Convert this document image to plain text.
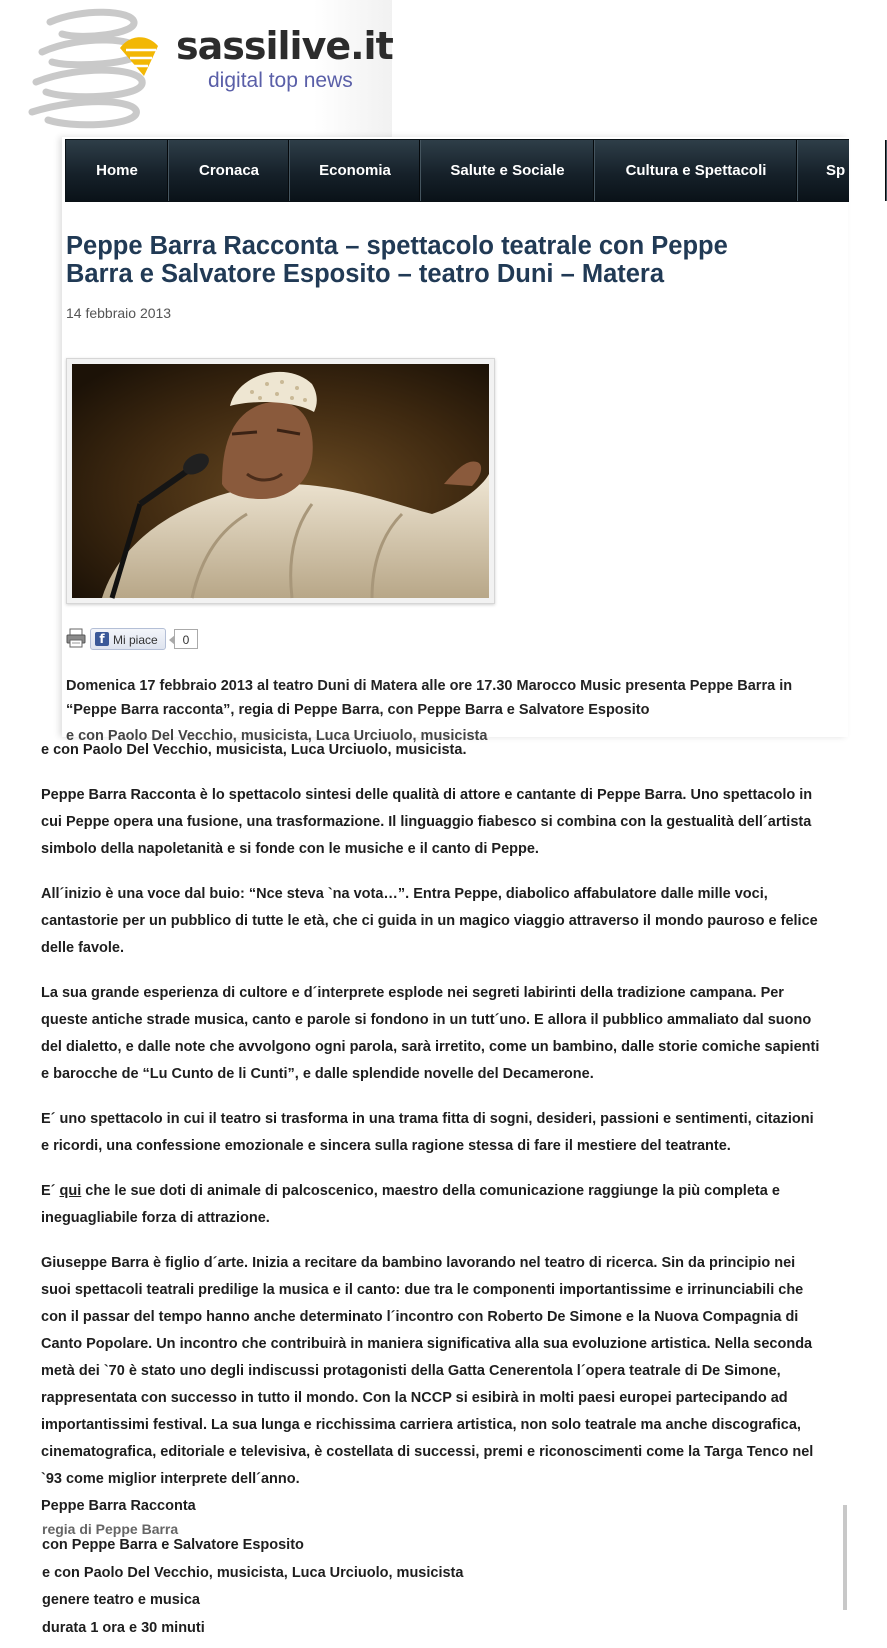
sassilive.it
digital top news
Home	Cronaca	Economia	Salute e Sociale	Cultura e Spettacoli	Sp
Peppe Barra Racconta – spettacolo teatrale con Peppe Barra e Salvatore Esposito – teatro Duni – Matera
14 febbraio 2013
f Mi piace	0

Domenica 17 febbraio 2013 al teatro Duni di Matera alle ore 17.30 Marocco Music presenta Peppe Barra in

“Peppe Barra racconta”, regia di Peppe Barra, con Peppe Barra e Salvatore Esposito

e con Paolo Del Vecchio, musicista, Luca Urciuolo, musicista.

Peppe Barra Racconta è lo spettacolo sintesi delle qualità di attore e cantante di Peppe Barra. Uno spettacolo in cui Peppe opera una fusione, una trasformazione. Il linguaggio fiabesco si combina con la gestualità dell´artista simbolo della napoletanità e si fonde con le musiche e il canto di Peppe.

All´inizio è una voce dal buio: “Nce steva `na vota…”. Entra Peppe, diabolico affabulatore dalle mille voci, cantastorie per un pubblico di tutte le età, che ci guida in un magico viaggio attraverso il mondo pauroso e felice delle favole.

La sua grande esperienza di cultore e d´interprete esplode nei segreti labirinti della tradizione campana. Per queste antiche strade musica, canto e parole si fondono in un tutt´uno. E allora il pubblico ammaliato dal suono del dialetto, e dalle note che avvolgono ogni parola, sarà irretito, come un bambino, dalle storie comiche sapienti e barocche de “Lu Cunto de li Cunti”, e dalle splendide novelle del Decamerone.

E´ uno spettacolo in cui il teatro si trasforma in una trama fitta di sogni, desideri, passioni e sentimenti, citazioni e ricordi, una confessione emozionale e sincera sulla ragione stessa di fare il mestiere del teatrante.

E´ qui che le sue doti di animale di palcoscenico, maestro della comunicazione raggiunge la più completa e ineguagliabile forza di attrazione.

Giuseppe Barra è figlio d´arte. Inizia a recitare da bambino lavorando nel teatro di ricerca. Sin da principio nei suoi spettacoli teatrali predilige la musica e il canto: due tra le componenti importantissime e irrinunciabili che con il passar del tempo hanno anche determinato l´incontro con Roberto De Simone e la Nuova Compagnia di Canto Popolare. Un incontro che contribuirà in maniera significativa alla sua evoluzione artistica. Nella seconda metà dei `70 è stato uno degli indiscussi protagonisti della Gatta Cenerentola l´opera teatrale di De Simone, rappresentata con successo in tutto il mondo. Con la NCCP si esibirà in molti paesi europei partecipando ad importantissimi festival. La sua lunga e ricchissima carriera artistica, non solo teatrale ma anche discografica, cinematografica, editoriale e televisiva, è costellata di successi, premi e riconoscimenti come la Targa Tenco nel `93 come miglior interprete dell´anno.

Peppe Barra Racconta

regia di Peppe Barra
con Peppe Barra e Salvatore Esposito
e con Paolo Del Vecchio, musicista, Luca Urciuolo, musicista
genere teatro e musica
durata 1 ora e 30 minuti
